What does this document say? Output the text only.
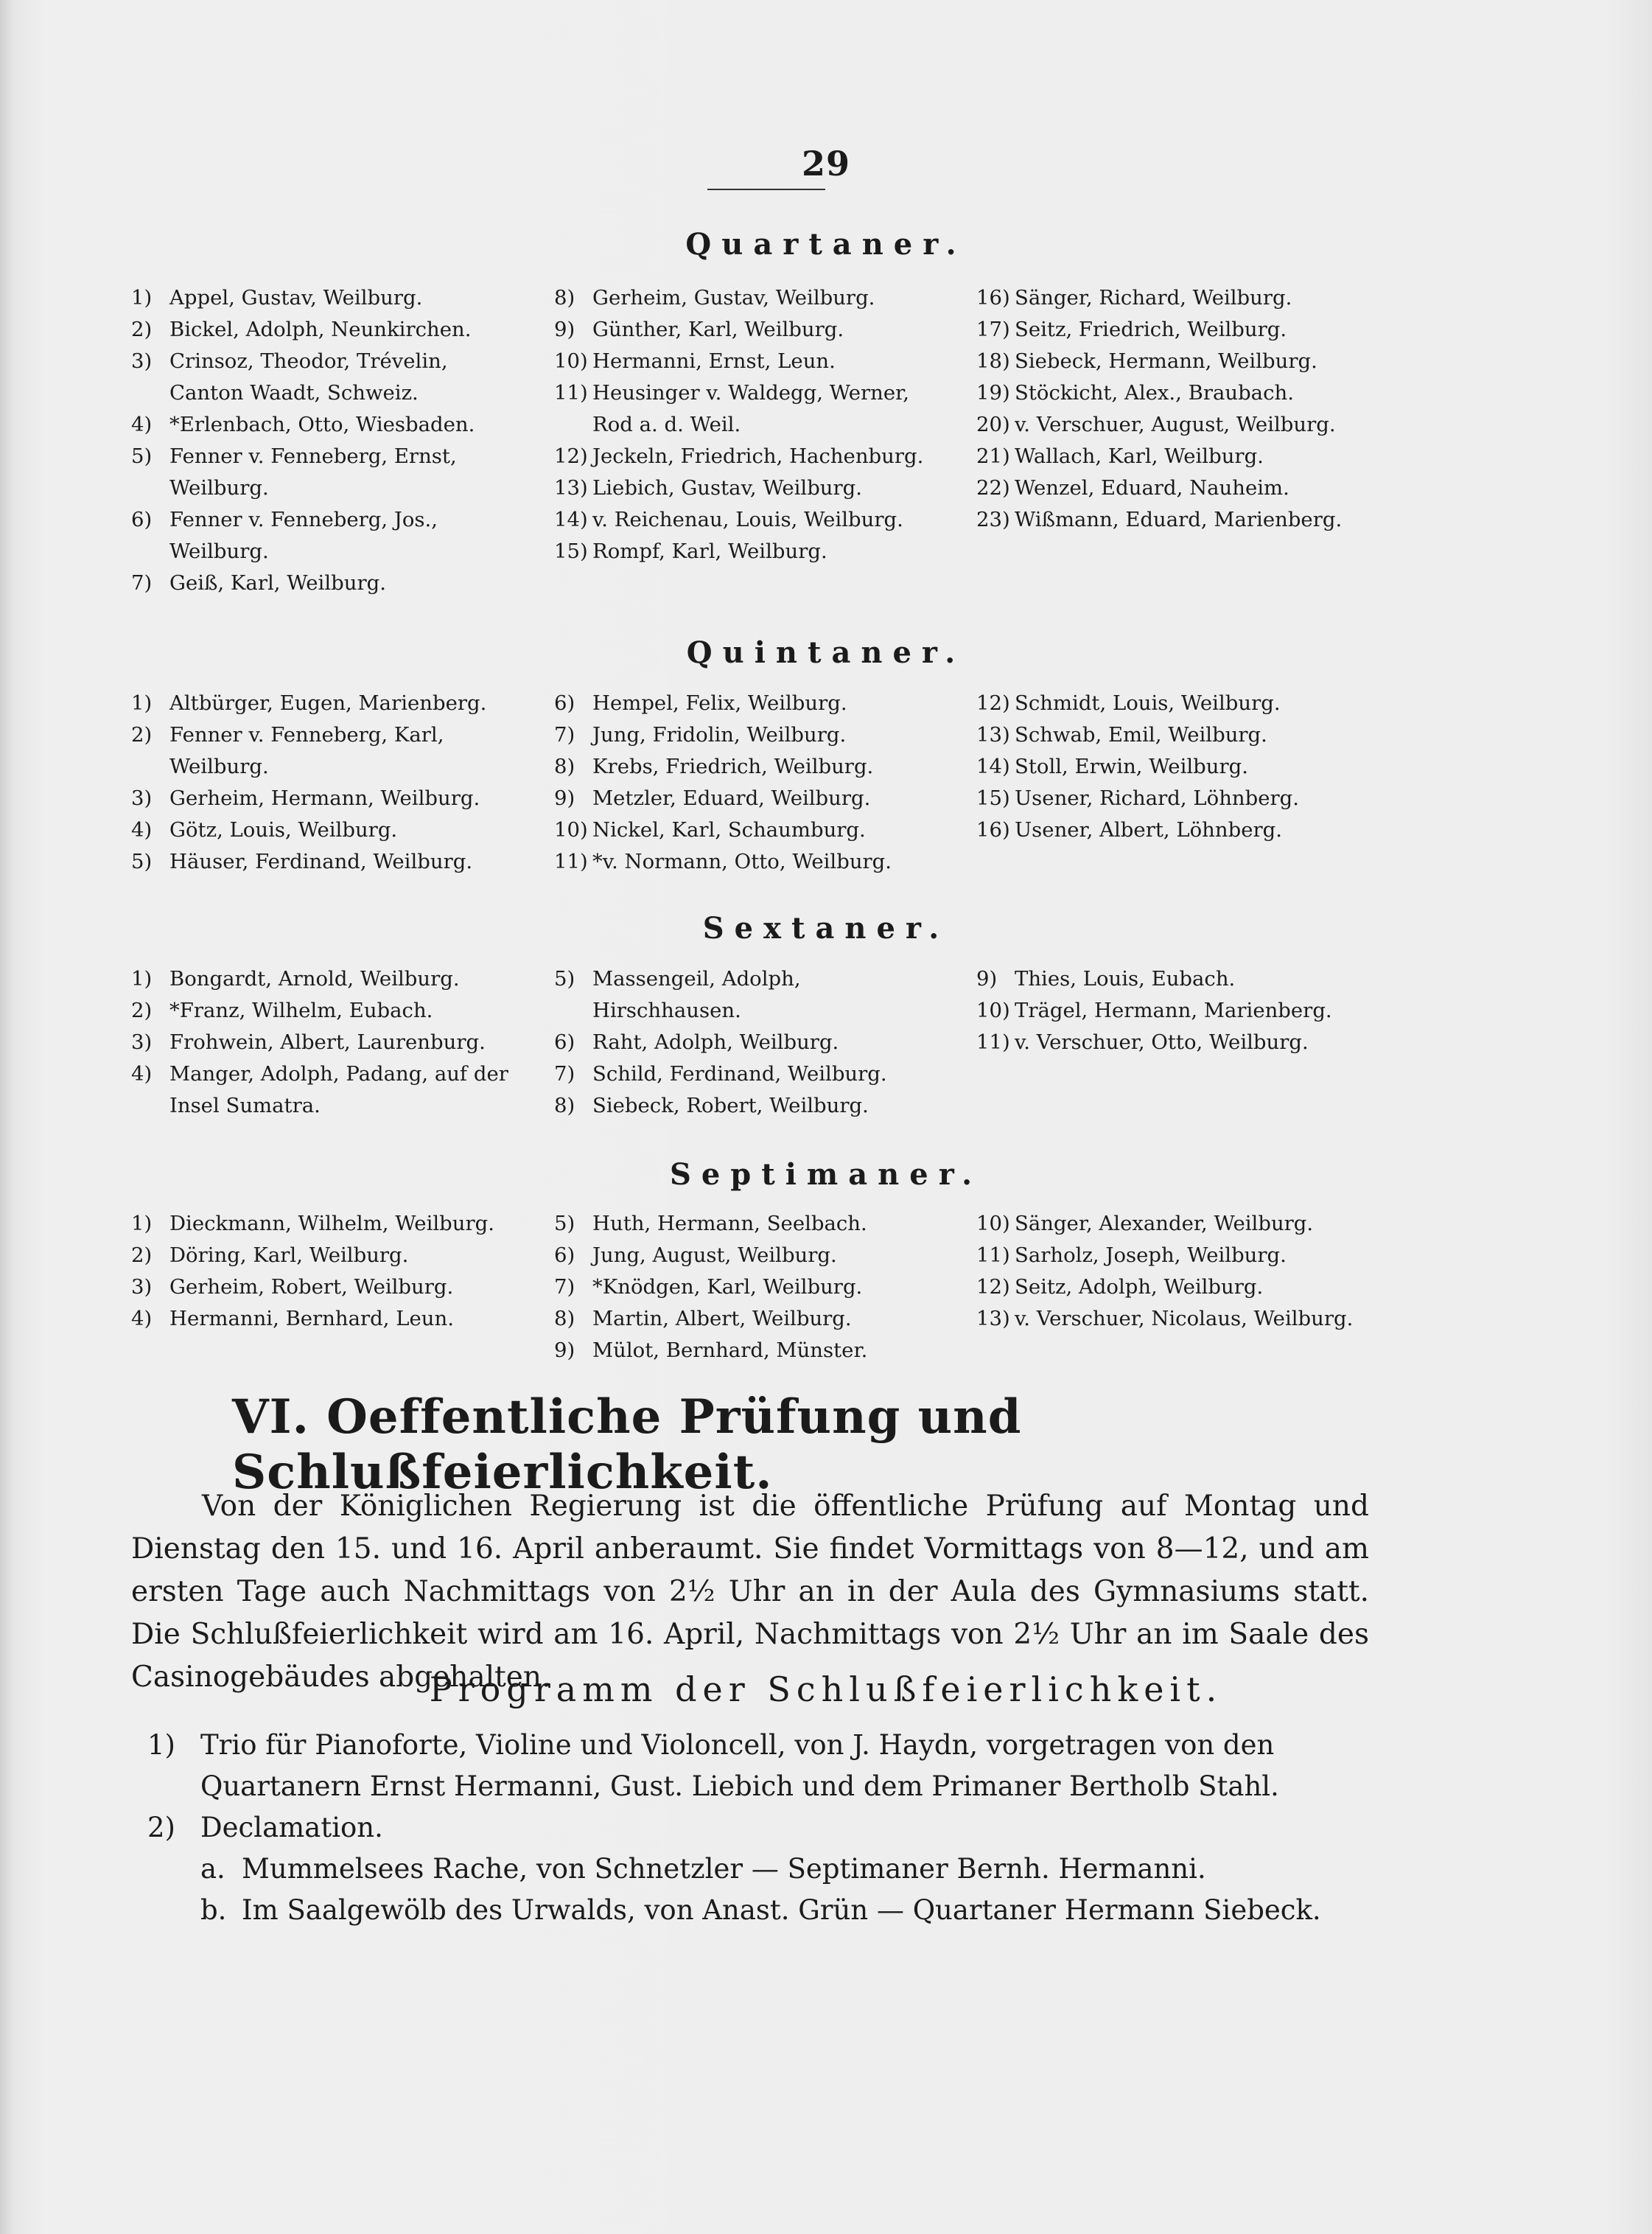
29
Quartaner.
1) Appel, Gustav, Weilburg.
2) Bickel, Adolph, Neunkirchen.
3) Crinsoz, Theodor, Trévelin, Canton Waadt, Schweiz.
4) *Erlenbach, Otto, Wiesbaden.
5) Fenner v. Fenneberg, Ernst, Weilburg.
6) Fenner v. Fenneberg, Jos., Weilburg.
7) Geiß, Karl, Weilburg.
8) Gerheim, Gustav, Weilburg.
9) Günther, Karl, Weilburg.
10) Hermanni, Ernst, Leun.
11) Heusinger v. Waldegg, Werner, Rod a. d. Weil.
12) Jeckeln, Friedrich, Hachenburg.
13) Liebich, Gustav, Weilburg.
14) v. Reichenau, Louis, Weilburg.
15) Rompf, Karl, Weilburg.
16) Sänger, Richard, Weilburg.
17) Seitz, Friedrich, Weilburg.
18) Siebeck, Hermann, Weilburg.
19) Stöckicht, Alex., Braubach.
20) v. Verschuer, August, Weilburg.
21) Wallach, Karl, Weilburg.
22) Wenzel, Eduard, Nauheim.
23) Wißmann, Eduard, Marienberg.
Quintaner.
1) Altbürger, Eugen, Marienberg.
2) Fenner v. Fenneberg, Karl, Weilburg.
3) Gerheim, Hermann, Weilburg.
4) Götz, Louis, Weilburg.
5) Häuser, Ferdinand, Weilburg.
6) Hempel, Felix, Weilburg.
7) Jung, Fridolin, Weilburg.
8) Krebs, Friedrich, Weilburg.
9) Metzler, Eduard, Weilburg.
10) Nickel, Karl, Schaumburg.
11) *v. Normann, Otto, Weilburg.
12) Schmidt, Louis, Weilburg.
13) Schwab, Emil, Weilburg.
14) Stoll, Erwin, Weilburg.
15) Usener, Richard, Löhnberg.
16) Usener, Albert, Löhnberg.
Sextaner.
1) Bongardt, Arnold, Weilburg.
2) *Franz, Wilhelm, Eubach.
3) Frohwein, Albert, Laurenburg.
4) Manger, Adolph, Padang, auf der Insel Sumatra.
5) Massengeil, Adolph, Hirschhausen.
6) Raht, Adolph, Weilburg.
7) Schild, Ferdinand, Weilburg.
8) Siebeck, Robert, Weilburg.
9) Thies, Louis, Eubach.
10) Trägel, Hermann, Marienberg.
11) v. Verschuer, Otto, Weilburg.
Septimaner.
1) Dieckmann, Wilhelm, Weilburg.
2) Döring, Karl, Weilburg.
3) Gerheim, Robert, Weilburg.
4) Hermanni, Bernhard, Leun.
5) Huth, Hermann, Seelbach.
6) Jung, August, Weilburg.
7) *Knödgen, Karl, Weilburg.
8) Martin, Albert, Weilburg.
9) Mülot, Bernhard, Münster.
10) Sänger, Alexander, Weilburg.
11) Sarholz, Joseph, Weilburg.
12) Seitz, Adolph, Weilburg.
13) v. Verschuer, Nicolaus, Weilburg.
VI. Oeffentliche Prüfung und Schlußfeierlichkeit.
Von der Königlichen Regierung ist die öffentliche Prüfung auf Montag und Dienstag den 15. und 16. April anberaumt. Sie findet Vormittags von 8—12, und am ersten Tage auch Nachmittags von 2½ Uhr an in der Aula des Gymnasiums statt. Die Schlußfeierlichkeit wird am 16. April, Nachmittags von 2½ Uhr an im Saale des Casinogebäudes abgehalten.
Programm der Schlußfeierlichkeit.
1) Trio für Pianoforte, Violine und Violoncell, von J. Haydn, vorgetragen von den Quartanern Ernst Hermanni, Gust. Liebich und dem Primaner Bertholb Stahl.
2) Declamation.
a. Mummelsees Rache, von Schnetzler — Septimaner Bernh. Hermanni.
b. Im Saalgewölb des Urwalds, von Anast. Grün — Quartaner Hermann Siebeck.
